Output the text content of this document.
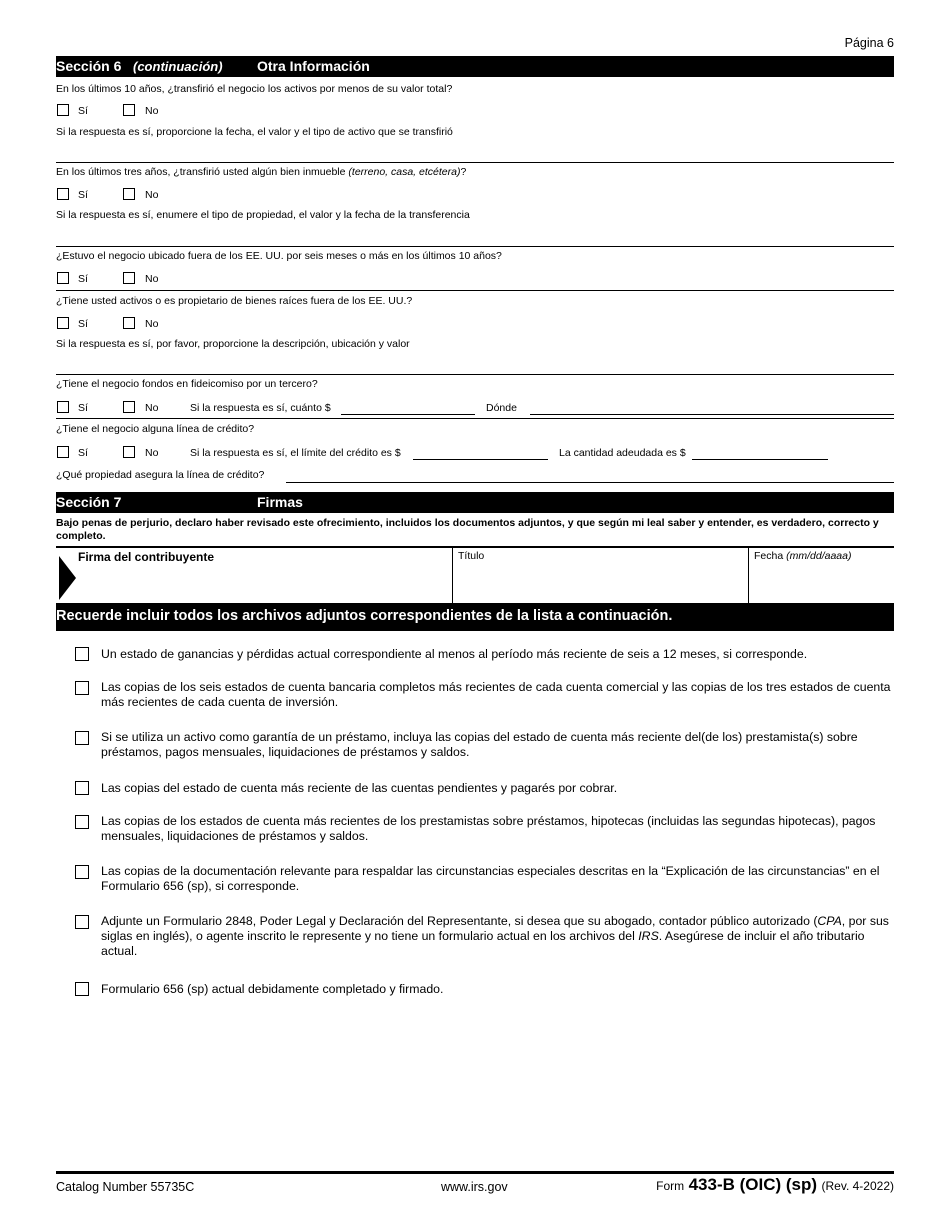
Página 6
Sección 6 (continuación) Otra Información
En los últimos 10 años, ¿transfirió el negocio los activos por menos de su valor total?
Sí	No
Si la respuesta es sí, proporcione la fecha, el valor y el tipo de activo que se transfirió
En los últimos tres años, ¿transfirió usted algún bien inmueble (terreno, casa, etcétera)?
Sí	No
Si la respuesta es sí, enumere el tipo de propiedad, el valor y la fecha de la transferencia
¿Estuvo el negocio ubicado fuera de los EE. UU. por seis meses o más en los últimos 10 años?
Sí	No
¿Tiene usted activos o es propietario de bienes raíces fuera de los EE. UU.?
Sí	No
Si la respuesta es sí, por favor, proporcione la descripción, ubicación y valor
¿Tiene el negocio fondos en fideicomiso por un tercero?
Sí	No	Si la respuesta es sí, cuánto $	Dónde
¿Tiene el negocio alguna línea de crédito?
Sí	No	Si la respuesta es sí, el límite del crédito es $	La cantidad adeudada es $
¿Qué propiedad asegura la línea de crédito?
Sección 7	Firmas
Bajo penas de perjurio, declaro haber revisado este ofrecimiento, incluidos los documentos adjuntos, y que según mi leal saber y entender, es verdadero, correcto y completo.
Firma del contribuyente	Título	Fecha (mm/dd/aaaa)
Recuerde incluir todos los archivos adjuntos correspondientes de la lista a continuación.
Un estado de ganancias y pérdidas actual correspondiente al menos al período más reciente de seis a 12 meses, si corresponde.
Las copias de los seis estados de cuenta bancaria completos más recientes de cada cuenta comercial y las copias de los tres estados de cuenta más recientes de cada cuenta de inversión.
Si se utiliza un activo como garantía de un préstamo, incluya las copias del estado de cuenta más reciente del(de los) prestamista(s) sobre préstamos, pagos mensuales, liquidaciones de préstamos y saldos.
Las copias del estado de cuenta más reciente de las cuentas pendientes y pagarés por cobrar.
Las copias de los estados de cuenta más recientes de los prestamistas sobre préstamos, hipotecas (incluidas las segundas hipotecas), pagos mensuales, liquidaciones de préstamos y saldos.
Las copias de la documentación relevante para respaldar las circunstancias especiales descritas en la “Explicación de las circunstancias” en el Formulario 656 (sp), si corresponde.
Adjunte un Formulario 2848, Poder Legal y Declaración del Representante, si desea que su abogado, contador público autorizado (CPA, por sus siglas en inglés), o agente inscrito le represente y no tiene un formulario actual en los archivos del IRS. Asegúrese de incluir el año tributario actual.
Formulario 656 (sp) actual debidamente completado y firmado.
Catalog Number 55735C	www.irs.gov	Form 433-B (OIC) (sp) (Rev. 4-2022)
